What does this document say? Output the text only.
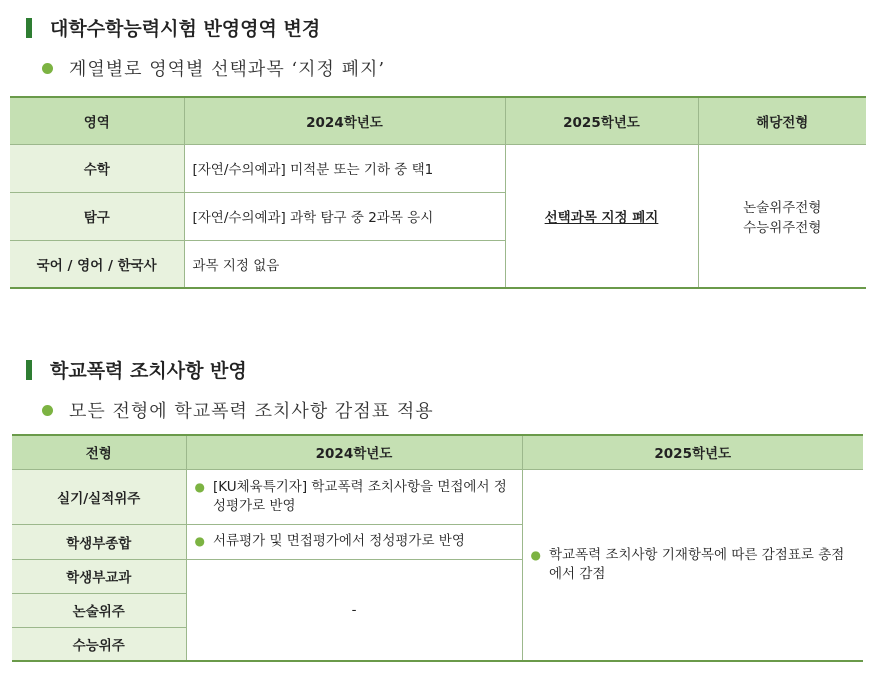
대학수학능력시험 반영영역 변경
계열별로 영역별 선택과목 ‘지정 폐지’
영역	2024학년도	2025학년도	해당전형
수학	[자연/수의예과] 미적분 또는 기하 중 택1	선택과목 지정 폐지	논술위주전형
수능위주전형

탐구	[자연/수의예과] 과학 탐구 중 2과목 응시		
국어 / 영어 / 한국사	과목 지정 없음		
학교폭력 조치사항 반영
모든 전형에 학교폭력 조치사항 감점표 적용
전형	2024학년도	2025학년도
실기/실적위주	● [KU체육특기자] 학교폭력 조치사항을 면접에서 정성평가로 반영	● 학교폭력 조치사항 기재항목에 따른 감점표로 총점에서 감점

학생부종합	● 서류평가 및 면접평가에서 정성평가로 반영	

학생부교과	-	
논술위주		
수능위주		
